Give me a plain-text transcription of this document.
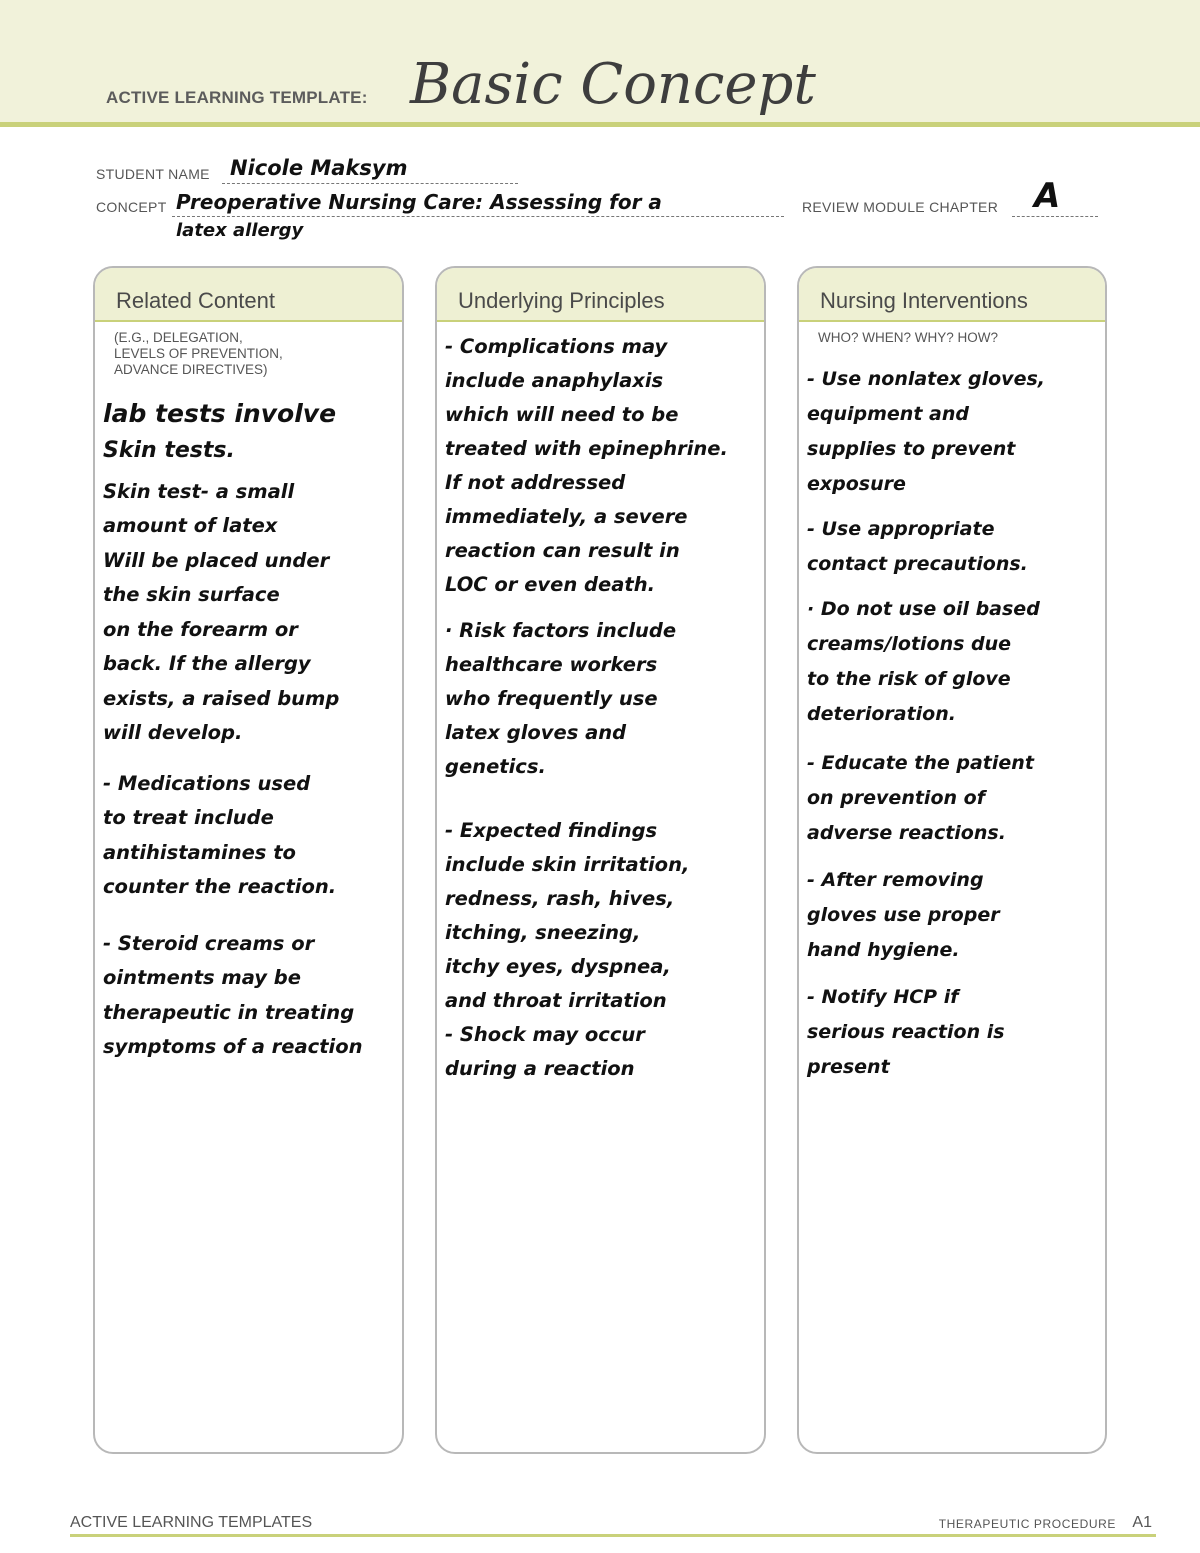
ACTIVE LEARNING TEMPLATE: Basic Concept
STUDENT NAME Nicole Maksym
CONCEPT Preoperative Nursing Care: Assessing for a
latex allergy
REVIEW MODULE CHAPTER A
Related Content
(E.G., DELEGATION,
LEVELS OF PREVENTION,
ADVANCE DIRECTIVES)

lab tests involve

Skin tests.

Skin test- a small

amount of latex

Will be placed under

the skin surface

on the forearm or

back. If the allergy

exists, a raised bump

will develop.

- Medications used

to treat include

antihistamines to

counter the reaction.

- Steroid creams or

ointments may be

therapeutic in treating

symptoms of a reaction

Underlying Principles

- Complications may

include anaphylaxis

which will need to be

treated with epinephrine.

If not addressed

immediately, a severe

reaction can result in

LOC or even death.

· Risk factors include

healthcare workers

who frequently use

latex gloves and

genetics.

- Expected findings

include skin irritation,

redness, rash, hives,

itching, sneezing,

itchy eyes, dyspnea,

and throat irritation

- Shock may occur

during a reaction

Nursing Interventions
WHO? WHEN? WHY? HOW?

- Use nonlatex gloves,

equipment and

supplies to prevent

exposure

- Use appropriate

contact precautions.

· Do not use oil based

creams/lotions due

to the risk of glove

deterioration.

- Educate the patient

on prevention of

adverse reactions.

- After removing

gloves use proper

hand hygiene.

- Notify HCP if

serious reaction is

present

ACTIVE LEARNING TEMPLATES	THERAPEUTIC PROCEDURE A1
